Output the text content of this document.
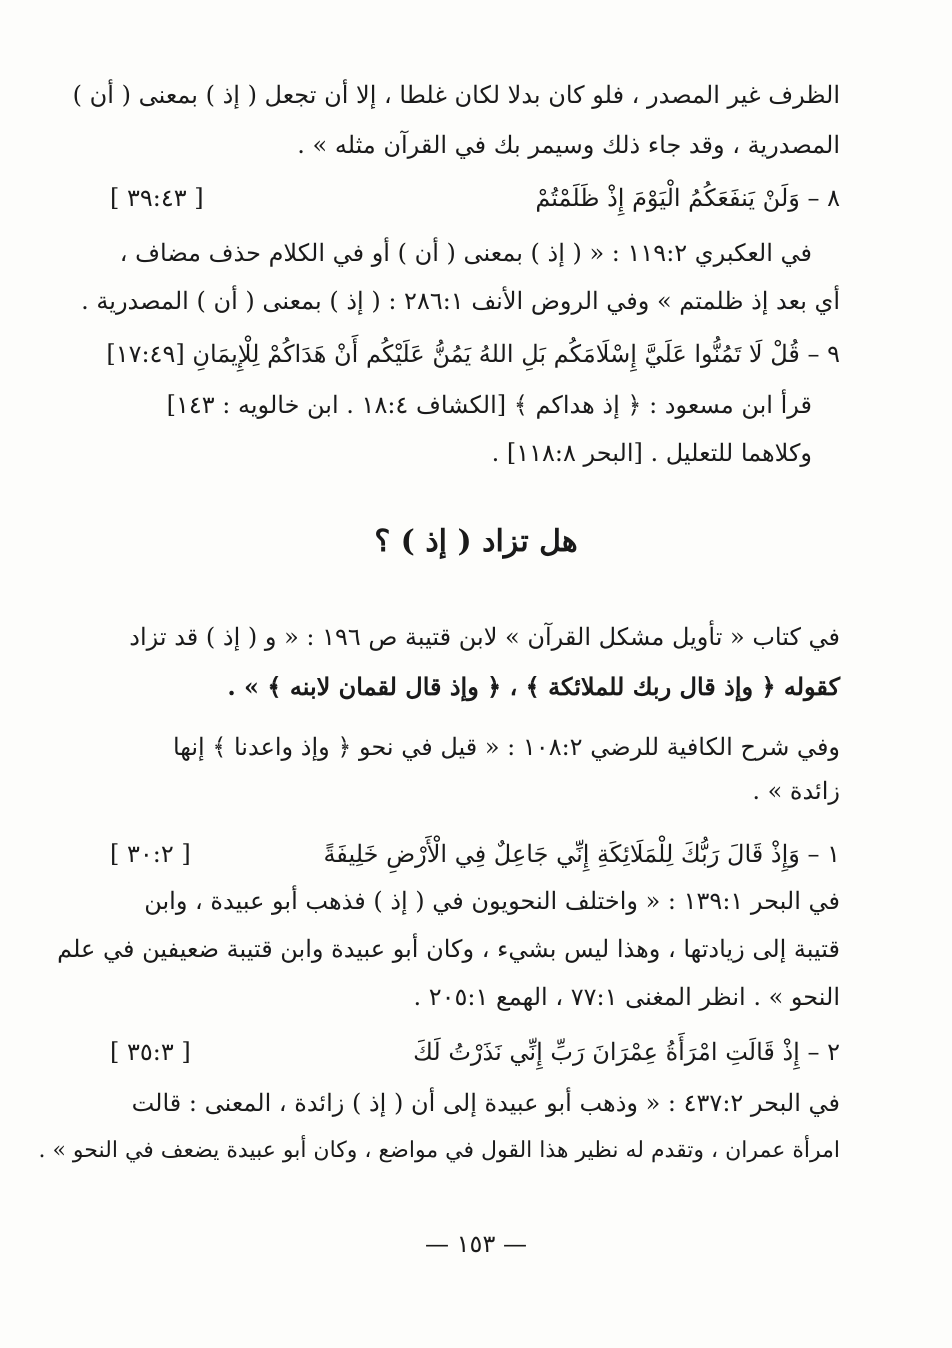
الظرف غير المصدر ، فلو كان بدلا لكان غلطا ، إلا أن تجعل ( إذ ) بمعنى ( أن )
المصدرية ، وقد جاء ذلك وسيمر بك في القرآن مثله » .
٨ – وَلَنْ يَنفَعَكُمُ الْيَوْمَ إِذْ ظَلَمْتُمْ
[ ٣٩:٤٣ ]
في العكبري ١١٩:٢ : « ( إذ ) بمعنى ( أن ) أو في الكلام حذف مضاف ،
أي بعد إذ ظلمتم » وفي الروض الأنف ٢٨٦:١ : ( إذ ) بمعنى ( أن ) المصدرية .
٩ – قُلْ لَا تَمُنُّوا عَلَيَّ إِسْلَامَكُم بَلِ اللهُ يَمُنُّ عَلَيْكُم أَنْ هَدَاكُمْ لِلْإِيمَانِ [١٧:٤٩]
قرأ ابن مسعود : ﴿ إذ هداكم ﴾ [الكشاف ١٨:٤ . ابن خالويه : ١٤٣]
وكلاهما للتعليل . [البحر ١١٨:٨] .
هل تزاد ( إذ ) ؟
في كتاب « تأويل مشكل القرآن » لابن قتيبة ص ١٩٦ : « و ( إذ ) قد تزاد
كقوله ﴿ وإذ قال ربك للملائكة ﴾ ، ﴿ وإذ قال لقمان لابنه ﴾ » .
وفي شرح الكافية للرضي ١٠٨:٢ : « قيل في نحو ﴿ وإذ واعدنا ﴾ إنها
زائدة » .
١ – وَإِذْ قَالَ رَبُّكَ لِلْمَلَائِكَةِ إِنِّي جَاعِلٌ فِي الْأَرْضِ خَلِيفَةً
[ ٣٠:٢ ]
في البحر ١٣٩:١ : « واختلف النحويون في ( إذ ) فذهب أبو عبيدة ، وابن
قتيبة إلى زيادتها ، وهذا ليس بشيء ، وكان أبو عبيدة وابن قتيبة ضعيفين في علم
النحو » . انظر المغنى ٧٧:١ ، الهمع ٢٠٥:١ .
٢ – إِذْ قَالَتِ امْرَأَةُ عِمْرَانَ رَبِّ إِنِّي نَذَرْتُ لَكَ
[ ٣٥:٣ ]
في البحر ٤٣٧:٢ : « وذهب أبو عبيدة إلى أن ( إذ ) زائدة ، المعنى : قالت
امرأة عمران ، وتقدم له نظير هذا القول في مواضع ، وكان أبو عبيدة يضعف في النحو » .
— ١٥٣ —
